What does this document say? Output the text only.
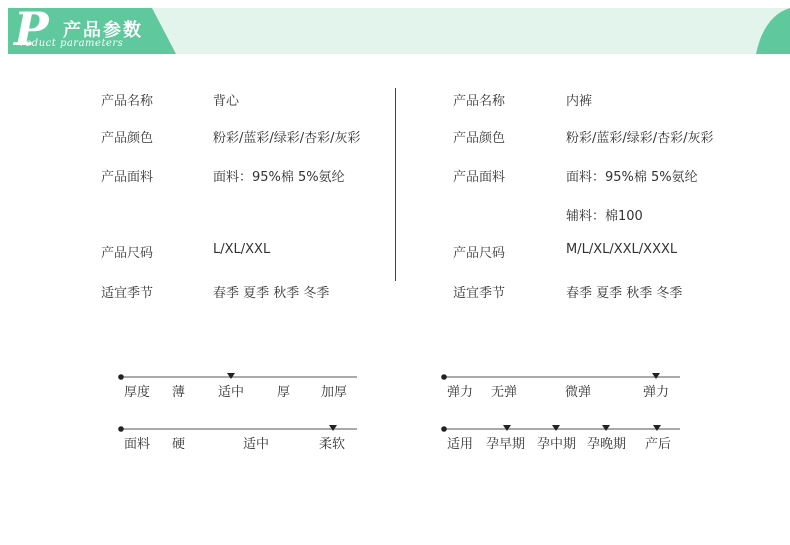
P 产品参数
roduct parameters
产品名称	背心
产品颜色	粉彩/蓝彩/绿彩/杏彩/灰彩
产品面料	面料：95%棉 5%氨纶
产品尺码	L/XL/XXL
适宜季节	春季 夏季 秋季 冬季
产品名称	内裤
产品颜色	粉彩/蓝彩/绿彩/杏彩/灰彩
产品面料	面料：95%棉 5%氨纶
辅料：棉100
产品尺码	M/L/XL/XXL/XXXL
适宜季节	春季 夏季 秋季 冬季
厚度 薄	适中	厚 加厚
面料 硬	适中	柔软
弹力 无弹	微弹	弹力
适用 孕早期 孕中期 孕晚期 产后
